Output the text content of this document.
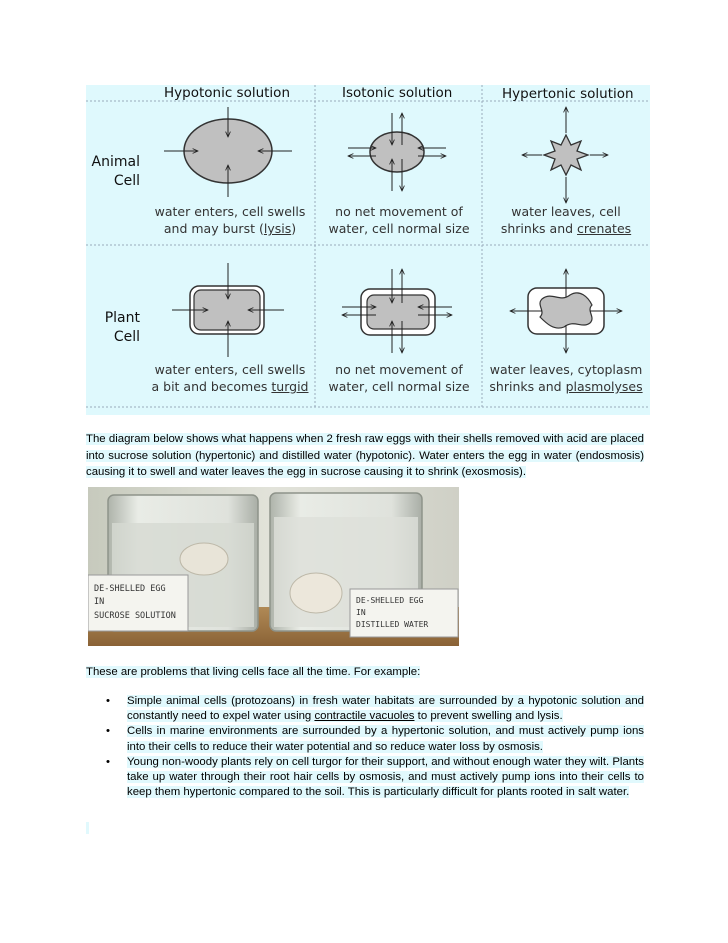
Hypotonic solution	Isotonic solution	Hypertonic solution
Animal
Cell
Plant
Cell
water enters, cell swells
and may burst (lysis)
no net movement of
water, cell normal size
water leaves, cell
shrinks and crenates
water enters, cell swells
a bit and becomes turgid
no net movement of
water, cell normal size
water leaves, cytoplasm
shrinks and plasmolyses
The diagram below shows what happens when 2 fresh raw eggs with their shells removed with acid are placed into sucrose solution (hypertonic) and distilled water (hypotonic). Water enters the egg in water (endosmosis) causing it to swell and water leaves the egg in sucrose causing it to shrink (exosmosis).
DE-SHELLED EGG
IN
SUCROSE SOLUTION
DE-SHELLED EGG
IN
DISTILLED WATER
These are problems that living cells face all the time. For example:
• Simple animal cells (protozoans) in fresh water habitats are surrounded by a hypotonic solution and constantly need to expel water using contractile vacuoles to prevent swelling and lysis.
• Cells in marine environments are surrounded by a hypertonic solution, and must actively pump ions into their cells to reduce their water potential and so reduce water loss by osmosis.
• Young non-woody plants rely on cell turgor for their support, and without enough water they wilt. Plants take up water through their root hair cells by osmosis, and must actively pump ions into their cells to keep them hypertonic compared to the soil. This is particularly difficult for plants rooted in salt water.
